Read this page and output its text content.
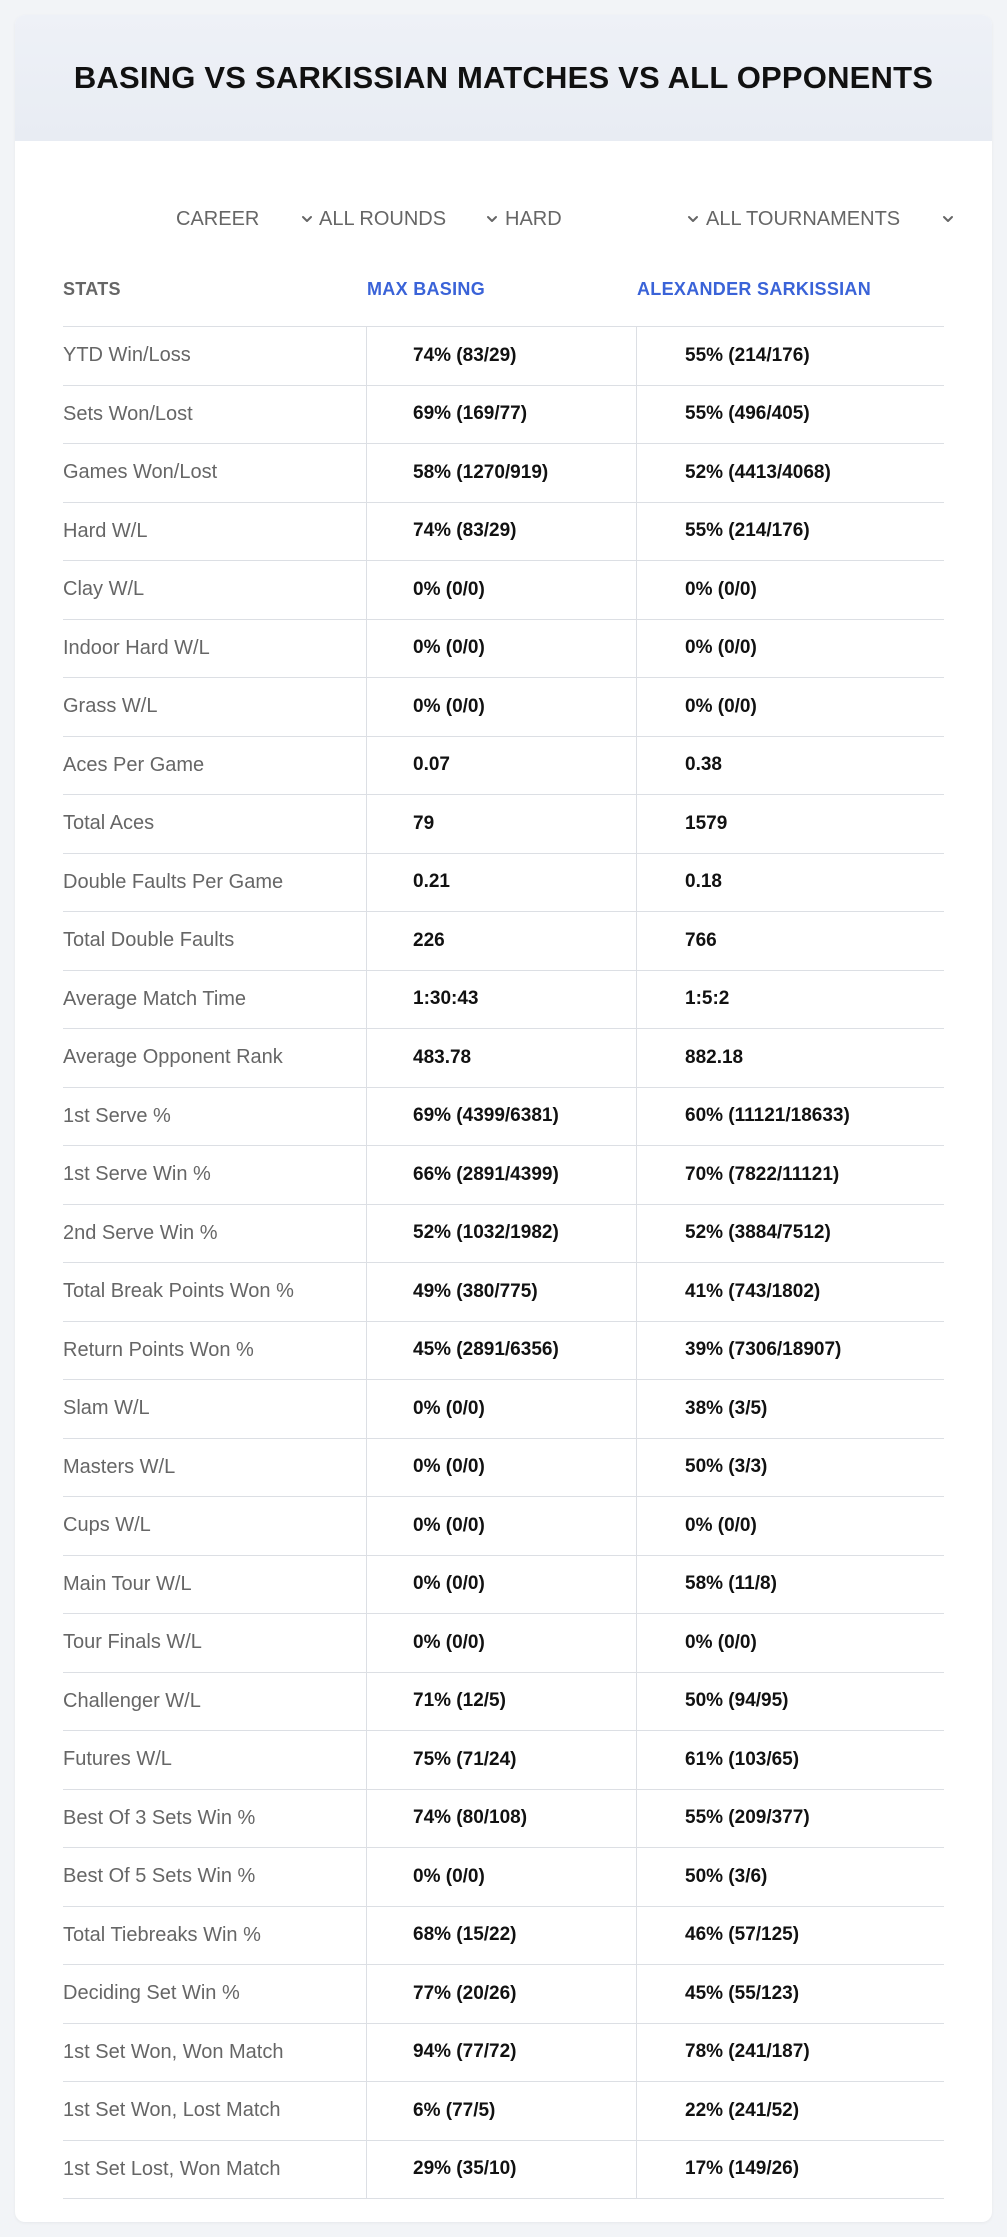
BASING VS SARKISSIAN MATCHES VS ALL OPPONENTS
CAREER	ALL ROUNDS	HARD	ALL TOURNAMENTS
STATS	MAX BASING	ALEXANDER SARKISSIAN
YTD Win/Loss	74% (83/29)	55% (214/176)
Sets Won/Lost	69% (169/77)	55% (496/405)
Games Won/Lost	58% (1270/919)	52% (4413/4068)
Hard W/L	74% (83/29)	55% (214/176)
Clay W/L	0% (0/0)	0% (0/0)
Indoor Hard W/L	0% (0/0)	0% (0/0)
Grass W/L	0% (0/0)	0% (0/0)
Aces Per Game	0.07	0.38
Total Aces	79	1579
Double Faults Per Game	0.21	0.18
Total Double Faults	226	766
Average Match Time	1:30:43	1:5:2
Average Opponent Rank	483.78	882.18
1st Serve %	69% (4399/6381)	60% (11121/18633)
1st Serve Win %	66% (2891/4399)	70% (7822/11121)
2nd Serve Win %	52% (1032/1982)	52% (3884/7512)
Total Break Points Won %	49% (380/775)	41% (743/1802)
Return Points Won %	45% (2891/6356)	39% (7306/18907)
Slam W/L	0% (0/0)	38% (3/5)
Masters W/L	0% (0/0)	50% (3/3)
Cups W/L	0% (0/0)	0% (0/0)
Main Tour W/L	0% (0/0)	58% (11/8)
Tour Finals W/L	0% (0/0)	0% (0/0)
Challenger W/L	71% (12/5)	50% (94/95)
Futures W/L	75% (71/24)	61% (103/65)
Best Of 3 Sets Win %	74% (80/108)	55% (209/377)
Best Of 5 Sets Win %	0% (0/0)	50% (3/6)
Total Tiebreaks Win %	68% (15/22)	46% (57/125)
Deciding Set Win %	77% (20/26)	45% (55/123)
1st Set Won, Won Match	94% (77/72)	78% (241/187)
1st Set Won, Lost Match	6% (77/5)	22% (241/52)
1st Set Lost, Won Match	29% (35/10)	17% (149/26)
